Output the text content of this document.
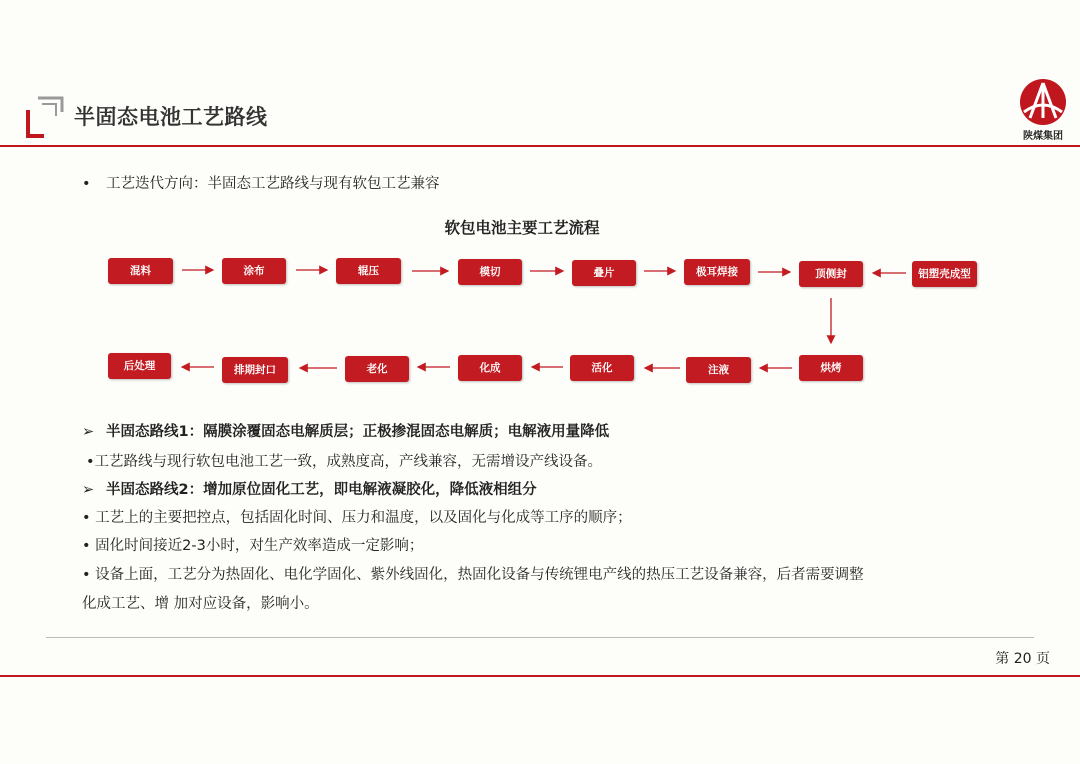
半固态电池工艺路线
陕煤集团
• 工艺迭代方向：半固态工艺路线与现有软包工艺兼容
软包电池主要工艺流程
混料	涂布	辊压	模切	叠片	极耳焊接	顶侧封	铝塑壳成型
烘烤
注液
活化
化成
老化
排期封口
后处理
➢ 半固态路线1：隔膜涂覆固态电解质层；正极掺混固态电解质；电解液用量降低
•工艺路线与现行软包电池工艺一致，成熟度高，产线兼容，无需增设产线设备。
➢ 半固态路线2：增加原位固化工艺，即电解液凝胶化，降低液相组分
• 工艺上的主要把控点，包括固化时间、压力和温度，以及固化与化成等工序的顺序；
• 固化时间接近2-3小时，对生产效率造成一定影响；
• 设备上面，工艺分为热固化、电化学固化、紫外线固化，热固化设备与传统锂电产线的热压工艺设备兼容，后者需要调整
化成工艺、增 加对应设备，影响小。
第 20 页
